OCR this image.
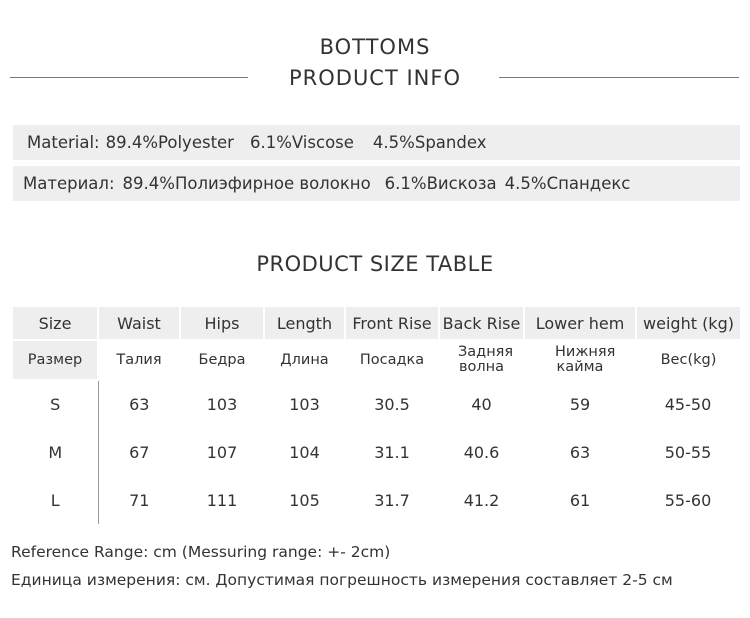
BOTTOMS
PRODUCT INFO
Material: 89.4%Polyester 6.1%Viscose 4.5%Spandex
Материал: 89.4%Полиэфирное волокно 6.1%Вискоза 4.5%Спандекс
PRODUCT SIZE TABLE
Size	Waist	Hips	Length	Front Rise	Back Rise	Lower hem	weight (kg)
Размер	Талия	Бедра	Длина	Посадка	Задняя волна	Нижняя кайма	Вес(kg)
S	63	103	103	30.5	40	59	45-50
M	67	107	104	31.1	40.6	63	50-55
L	71	111	105	31.7	41.2	61	55-60
Reference Range: cm (Messuring range: +- 2cm)
Единица измерения: см. Допустимая погрешность измерения составляет 2-5 см
